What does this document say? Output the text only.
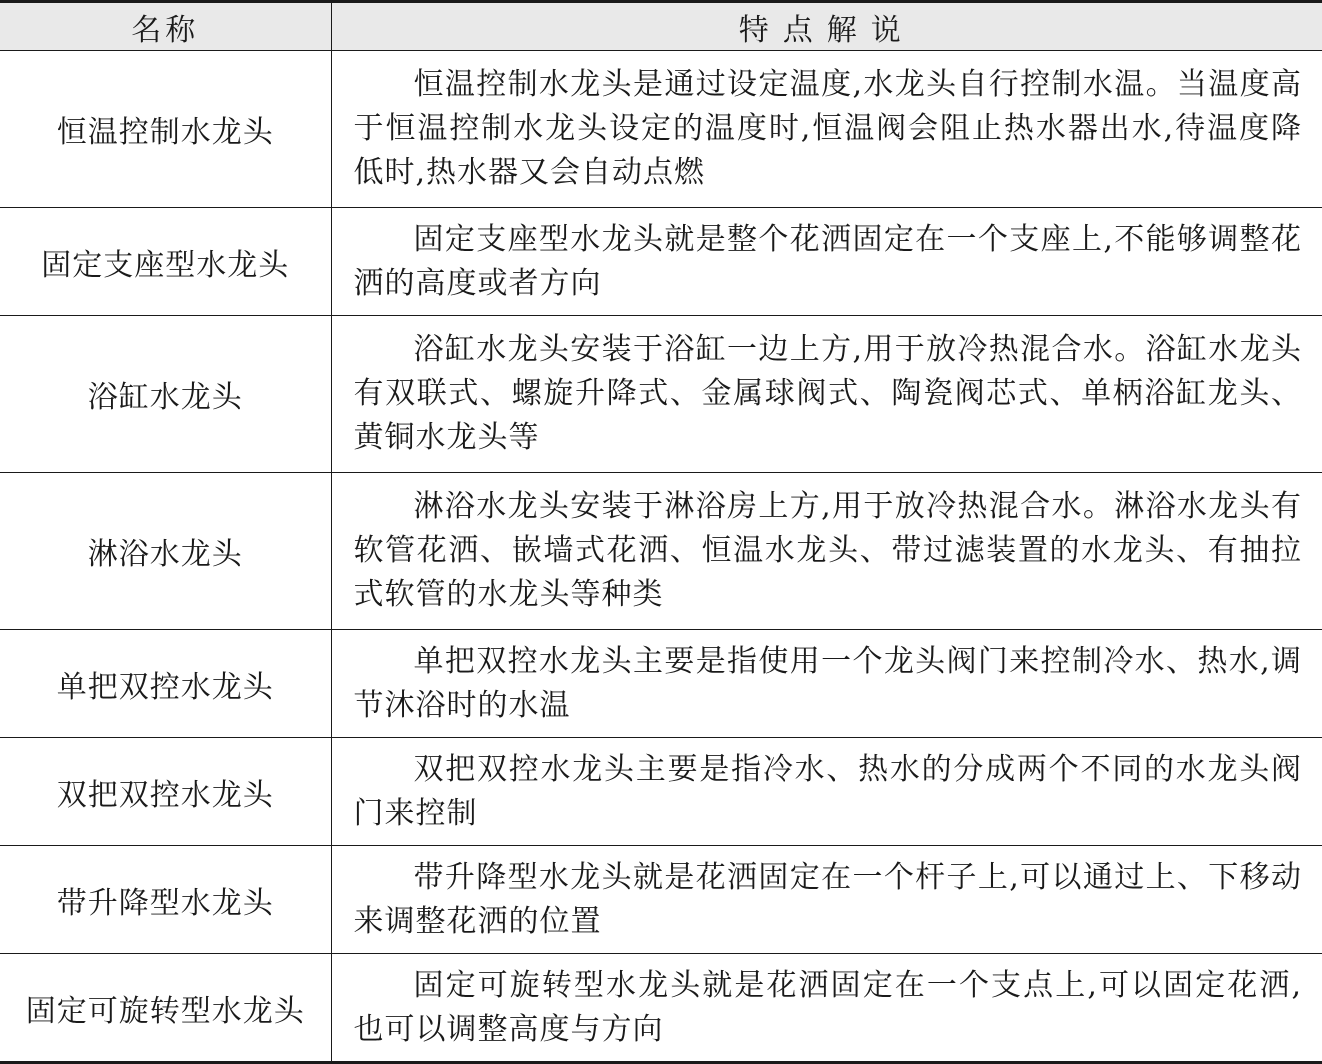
名称	特点解说
恒温控制水龙头	恒温控制水龙头是通过设定温度,水龙头自行控制水温。当温度高于恒温控制水龙头设定的温度时,恒温阀会阻止热水器出水,待温度降低时,热水器又会自动点燃
固定支座型水龙头	固定支座型水龙头就是整个花洒固定在一个支座上,不能够调整花洒的高度或者方向
浴缸水龙头	浴缸水龙头安装于浴缸一边上方,用于放冷热混合水。浴缸水龙头有双联式、螺旋升降式、金属球阀式、陶瓷阀芯式、单柄浴缸龙头、黄铜水龙头等
淋浴水龙头	淋浴水龙头安装于淋浴房上方,用于放冷热混合水。淋浴水龙头有软管花洒、嵌墙式花洒、恒温水龙头、带过滤装置的水龙头、有抽拉式软管的水龙头等种类
单把双控水龙头	单把双控水龙头主要是指使用一个龙头阀门来控制冷水、热水,调节沐浴时的水温
双把双控水龙头	双把双控水龙头主要是指冷水、热水的分成两个不同的水龙头阀门来控制
带升降型水龙头	带升降型水龙头就是花洒固定在一个杆子上,可以通过上、下移动来调整花洒的位置
固定可旋转型水龙头	固定可旋转型水龙头就是花洒固定在一个支点上,可以固定花洒,也可以调整高度与方向
